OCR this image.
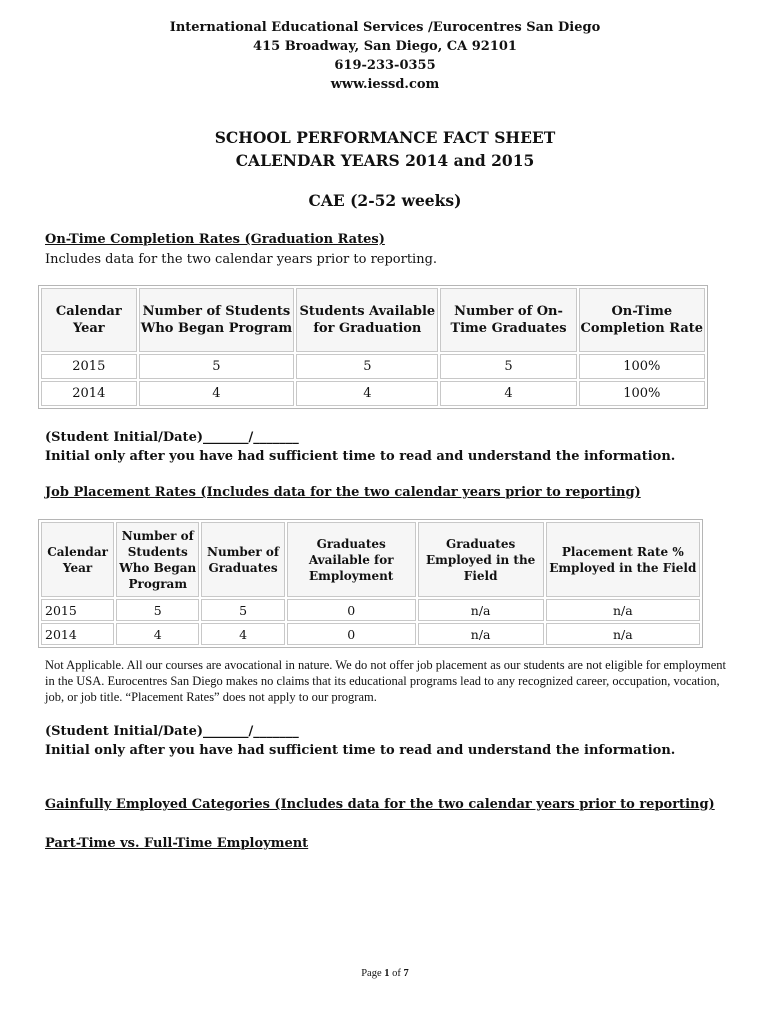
International Educational Services /Eurocentres San Diego
415 Broadway, San Diego, CA 92101
619-233-0355
www.iessd.com
SCHOOL PERFORMANCE FACT SHEET
CALENDAR YEARS 2014 and 2015
CAE (2-52 weeks)
On-Time Completion Rates (Graduation Rates)
Includes data for the two calendar years prior to reporting.
Calendar Year	Number of Students Who Began Program	Students Available for Graduation	Number of On-Time Graduates	On-Time Completion Rate
2015	5	5	5	100%
2014	4	4	4	100%
(Student Initial/Date)_______/_______
Initial only after you have had sufficient time to read and understand the information.
Job Placement Rates (Includes data for the two calendar years prior to reporting)
Calendar Year	Number of Students Who Began Program	Number of Graduates	Graduates Available for Employment	Graduates Employed in the Field	Placement Rate % Employed in the Field
2015	5	5	0	n/a	n/a
2014	4	4	0	n/a	n/a
Not Applicable. All our courses are avocational in nature. We do not offer job placement as our students are not eligible for employment in the USA. Eurocentres San Diego makes no claims that its educational programs lead to any recognized career, occupation, vocation, job, or job title. “Placement Rates” does not apply to our program.
(Student Initial/Date)_______/_______
Initial only after you have had sufficient time to read and understand the information.
Gainfully Employed Categories (Includes data for the two calendar years prior to reporting)
Part-Time vs. Full-Time Employment
Page 1 of 7
